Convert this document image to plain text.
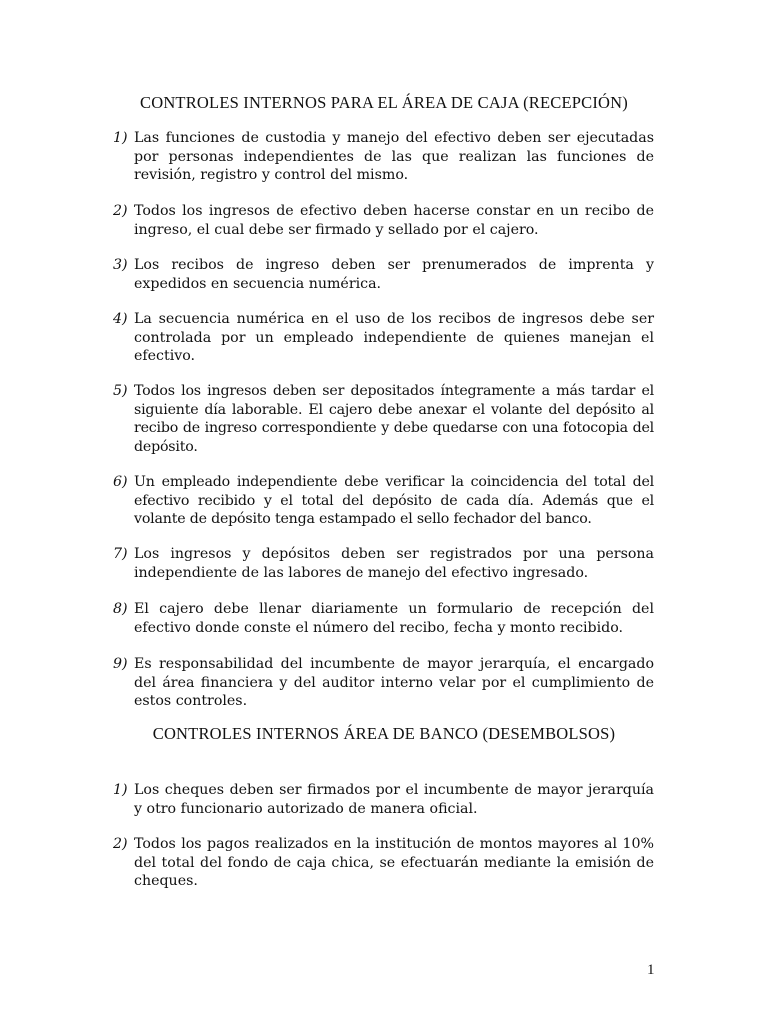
CONTROLES INTERNOS PARA EL ÁREA DE CAJA (RECEPCIÓN)
1) Las funciones de custodia y manejo del efectivo deben ser ejecutadas por personas independientes de las que realizan las funciones de revisión, registro y control del mismo.
2) Todos los ingresos de efectivo deben hacerse constar en un recibo de ingreso, el cual debe ser firmado y sellado por el cajero.
3) Los recibos de ingreso deben ser prenumerados de imprenta y expedidos en secuencia numérica.
4) La secuencia numérica en el uso de los recibos de ingresos debe ser controlada por un empleado independiente de quienes manejan el efectivo.
5) Todos los ingresos deben ser depositados íntegramente a más tardar el siguiente día laborable. El cajero debe anexar el volante del depósito al recibo de ingreso correspondiente y debe quedarse con una fotocopia del depósito.
6) Un empleado independiente debe verificar la coincidencia del total del efectivo recibido y el total del depósito de cada día. Además que el volante de depósito tenga estampado el sello fechador del banco.
7) Los ingresos y depósitos deben ser registrados por una persona independiente de las labores de manejo del efectivo ingresado.
8) El cajero debe llenar diariamente un formulario de recepción del efectivo donde conste el número del recibo, fecha y monto recibido.
9) Es responsabilidad del incumbente de mayor jerarquía, el encargado del área financiera y del auditor interno velar por el cumplimiento de estos controles.
CONTROLES INTERNOS ÁREA DE BANCO (DESEMBOLSOS)
1) Los cheques deben ser firmados por el incumbente de mayor jerarquía y otro funcionario autorizado de manera oficial.
2) Todos los pagos realizados en la institución de montos mayores al 10% del total del fondo de caja chica, se efectuarán mediante la emisión de cheques.
1
